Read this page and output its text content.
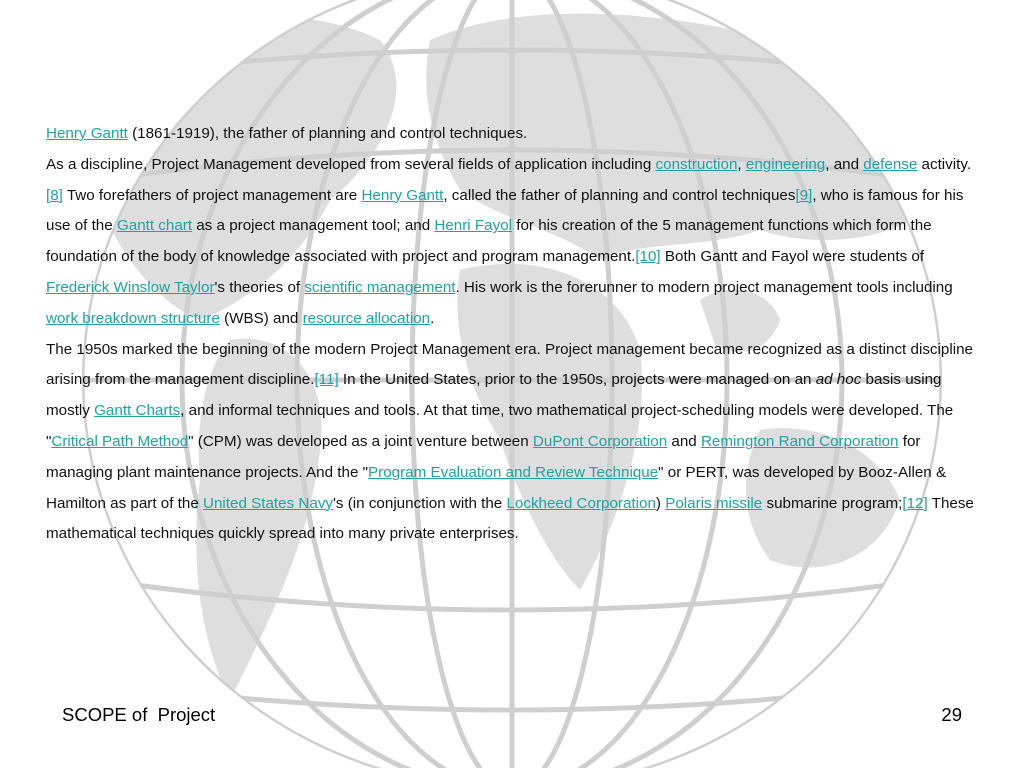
Henry Gantt (1861-1919), the father of planning and control techniques.

As a discipline, Project Management developed from several fields of application including construction, engineering, and defense activity.[8] Two forefathers of project management are Henry Gantt, called the father of planning and control techniques[9], who is famous for his use of the Gantt chart as a project management tool; and Henri Fayol for his creation of the 5 management functions which form the foundation of the body of knowledge associated with project and program management.[10] Both Gantt and Fayol were students of Frederick Winslow Taylor's theories of scientific management. His work is the forerunner to modern project management tools including work breakdown structure (WBS) and resource allocation.

The 1950s marked the beginning of the modern Project Management era. Project management became recognized as a distinct discipline arising from the management discipline.[11] In the United States, prior to the 1950s, projects were managed on an ad hoc basis using mostly Gantt Charts, and informal techniques and tools. At that time, two mathematical project-scheduling models were developed. The "Critical Path Method" (CPM) was developed as a joint venture between DuPont Corporation and Remington Rand Corporation for managing plant maintenance projects. And the "Program Evaluation and Review Technique" or PERT, was developed by Booz-Allen & Hamilton as part of the United States Navy's (in conjunction with the Lockheed Corporation) Polaris missile submarine program;[12] These mathematical techniques quickly spread into many private enterprises.

SCOPE of  Project	29
